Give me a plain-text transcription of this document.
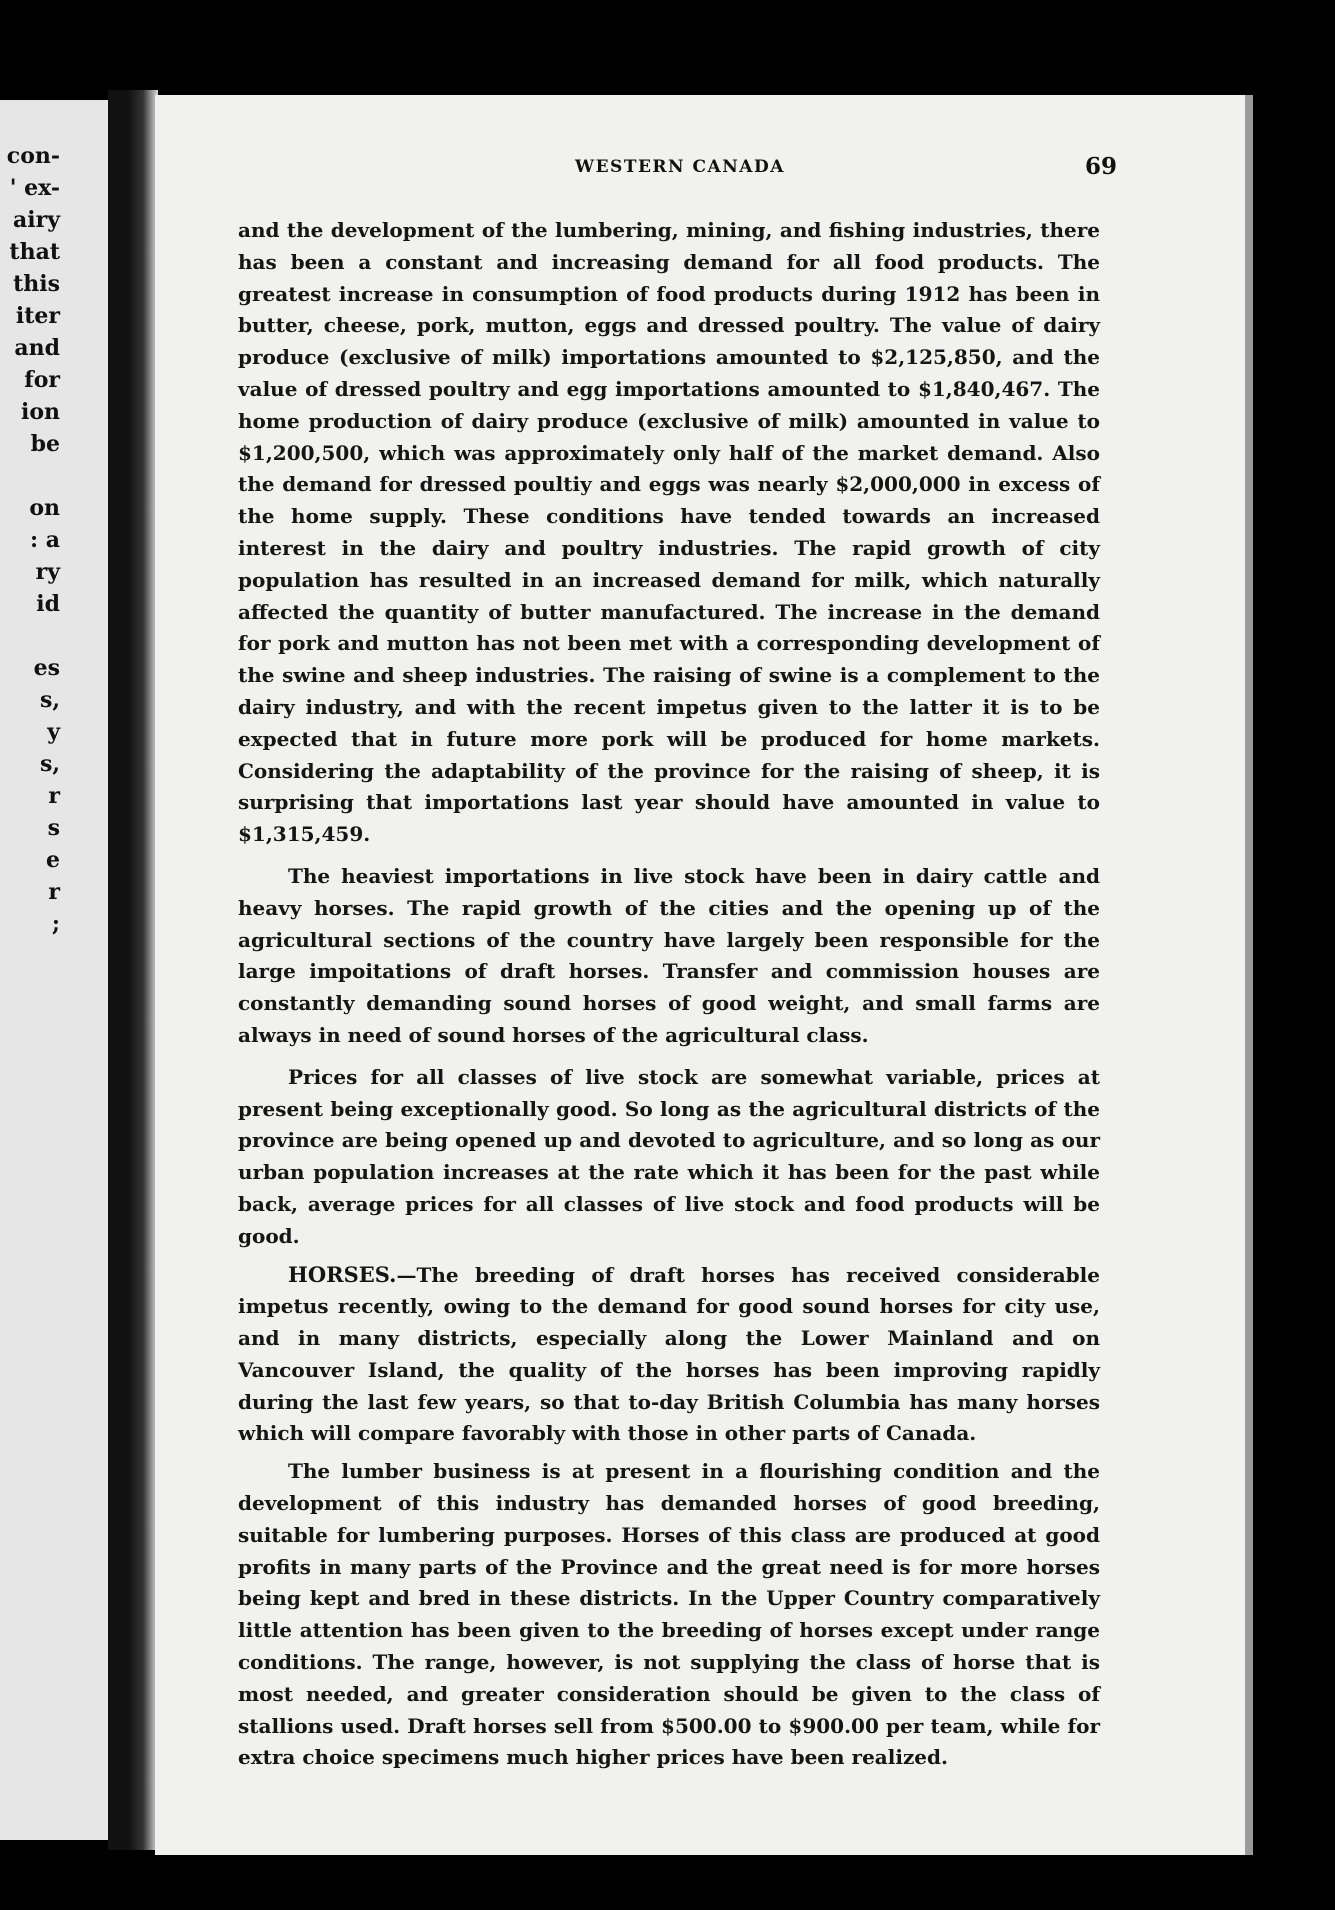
con-
' ex-
airy
that
this
iter
and
for
ion
be
on
: a
ry
id
es
s,
y
s,
r
s
e
r
;
WESTERN CANADA	69

and the development of the lumbering, mining, and fishing industries, there has been a constant and increasing demand for all food products. The greatest increase in consumption of food products during 1912 has been in butter, cheese, pork, mutton, eggs and dressed poultry. The value of dairy produce (exclusive of milk) importations amounted to $2,125,850, and the value of dressed poultry and egg importations amounted to $1,840,467. The home production of dairy produce (exclusive of milk) amounted in value to $1,200,500, which was approximately only half of the market demand. Also the demand for dressed poultiy and eggs was nearly $2,000,000 in excess of the home supply. These conditions have tended towards an increased interest in the dairy and poultry industries. The rapid growth of city population has resulted in an increased demand for milk, which naturally affected the quantity of butter manufactured. The increase in the demand for pork and mutton has not been met with a corresponding development of the swine and sheep industries. The raising of swine is a complement to the dairy industry, and with the recent impetus given to the latter it is to be expected that in future more pork will be produced for home markets. Considering the adaptability of the province for the raising of sheep, it is surprising that importations last year should have amounted in value to $1,315,459.

The heaviest importations in live stock have been in dairy cattle and heavy horses. The rapid growth of the cities and the opening up of the agricultural sections of the country have largely been responsible for the large impoitations of draft horses. Transfer and commission houses are constantly demanding sound horses of good weight, and small farms are always in need of sound horses of the agricultural class.

Prices for all classes of live stock are somewhat variable, prices at present being exceptionally good. So long as the agricultural districts of the province are being opened up and devoted to agriculture, and so long as our urban population increases at the rate which it has been for the past while back, average prices for all classes of live stock and food products will be good.

HORSES.—The breeding of draft horses has received considerable impetus recently, owing to the demand for good sound horses for city use, and in many districts, especially along the Lower Mainland and on Vancouver Island, the quality of the horses has been improving rapidly during the last few years, so that to-day British Columbia has many horses which will compare favorably with those in other parts of Canada.

The lumber business is at present in a flourishing condition and the development of this industry has demanded horses of good breeding, suitable for lumbering purposes. Horses of this class are produced at good profits in many parts of the Province and the great need is for more horses being kept and bred in these districts. In the Upper Country comparatively little attention has been given to the breeding of horses except under range conditions. The range, however, is not supplying the class of horse that is most needed, and greater consideration should be given to the class of stallions used. Draft horses sell from $500.00 to $900.00 per team, while for extra choice specimens much higher prices have been realized.
